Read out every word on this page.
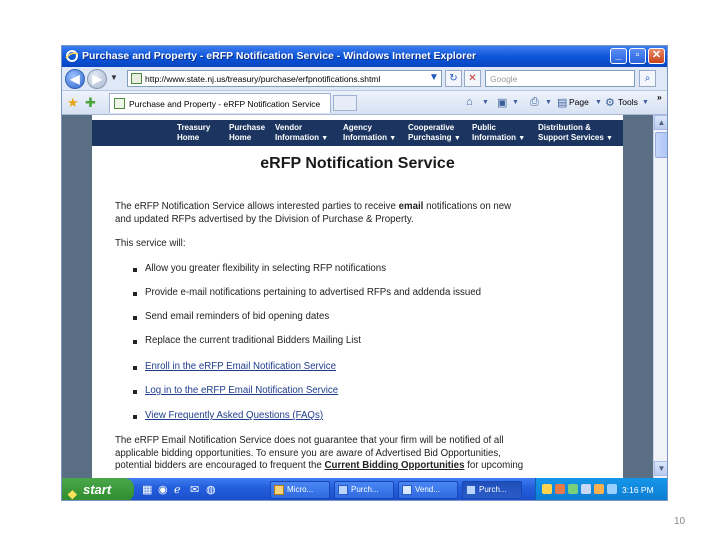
Purchase and Property - eRFP Notification Service - Windows Internet Explorer	_	▫	✕
◀	▶	▼	http://www.state.nj.us/treasury/purchase/erfpnotifications.shtml	▼	↻	✕	Google	⌕
★ ✚	Purchase and Property - eRFP Notification Service	⌂ ▼ ▣ ▼ ⎙ ▼ ▤ Page ▼ ⚙ Tools ▼
»
Treasury
Home
Purchase
Home
Vendor
Information ▼
Agency
Information ▼
Cooperative
Purchasing ▼
Public
Information ▼
Distribution &
Support Services ▼
eRFP Notification Service
The eRFP Notification Service allows interested parties to receive email notifications on new
and updated RFPs advertised by the Division of Purchase & Property.
This service will:
Allow you greater flexibility in selecting RFP notifications
Provide e-mail notifications pertaining to advertised RFPs and addenda issued
Send email reminders of bid opening dates
Replace the current traditional Bidders Mailing List
Enroll in the eRFP Email Notification Service
Log in to the eRFP Email Notification Service
View Frequently Asked Questions (FAQs)
The eRFP Email Notification Service does not guarantee that your firm will be notified of all
applicable bidding opportunities. To ensure you are aware of Advertised Bid Opportunities,
potential bidders are encouraged to frequent the Current Bidding Opportunities for upcoming
▲
▼
❖ start	▦ ◉ ℯ ✉ ◍	Micro...	Purch...	Vend...	Purch...	3:16 PM
10
